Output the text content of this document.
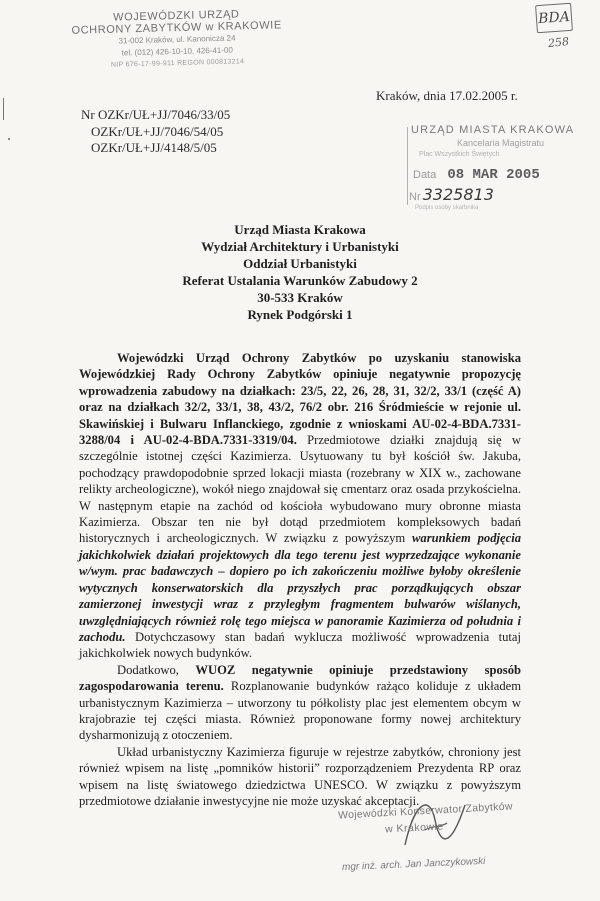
WOJEWÓDZKI URZĄD
OCHRONY ZABYTKÓW w KRAKOWIE
31-002 Kraków, ul. Kanonicza 24
tel. (012) 426-10-10, 426-41-00
NIP 676-17-99-911 REGON 000813214
BDA
258
Kraków, dnia 17.02.2005 r.
Nr OZKr/UŁ+JJ/7046/33/05
OZKr/UŁ+JJ/7046/54/05
OZKr/UŁ+JJ/4148/5/05
URZĄD MIASTA KRAKOWA
Kancelaria Magistratu
Plac Wszystkich Świętych
Data 08 MAR 2005
Nr 3325813
Podpis osoby skarbnika
Urząd Miasta Krakowa
Wydział Architektury i Urbanistyki
Oddział Urbanistyki
Referat Ustalania Warunków Zabudowy 2
30-533 Kraków
Rynek Podgórski 1

Wojewódzki Urząd Ochrony Zabytków po uzyskaniu stanowiska Wojewódzkiej Rady Ochrony Zabytków opiniuje negatywnie propozycję wprowadzenia zabudowy na działkach: 23/5, 22, 26, 28, 31, 32/2, 33/1 (część A) oraz na działkach 32/2, 33/1, 38, 43/2, 76/2 obr. 216 Śródmieście w rejonie ul. Skawińskiej i Bulwaru Inflanckiego, zgodnie z wnioskami AU-02-4-BDA.7331-3288/04 i AU-02-4-BDA.7331-3319/04. Przedmiotowe działki znajdują się w szczególnie istotnej części Kazimierza. Usytuowany tu był kościół św. Jakuba, pochodzący prawdopodobnie sprzed lokacji miasta (rozebrany w XIX w., zachowane relikty archeologiczne), wokół niego znajdował się cmentarz oraz osada przykościelna. W następnym etapie na zachód od kościoła wybudowano mury obronne miasta Kazimierza. Obszar ten nie był dotąd przedmiotem kompleksowych badań historycznych i archeologicznych. W związku z powyższym warunkiem podjęcia jakichkolwiek działań projektowych dla tego terenu jest wyprzedzające wykonanie w/wym. prac badawczych – dopiero po ich zakończeniu możliwe byłoby określenie wytycznych konserwatorskich dla przyszłych prac porządkujących obszar zamierzonej inwestycji wraz z przyległym fragmentem bulwarów wiślanych, uwzględniających również rolę tego miejsca w panoramie Kazimierza od południa i zachodu. Dotychczasowy stan badań wyklucza możliwość wprowadzenia tutaj jakichkolwiek nowych budynków.

Dodatkowo, WUOZ negatywnie opiniuje przedstawiony sposób zagospodarowania terenu. Rozplanowanie budynków rażąco koliduje z układem urbanistycznym Kazimierza – utworzony tu półkolisty plac jest elementem obcym w krajobrazie tej części miasta. Również proponowane formy nowej architektury dysharmonizują z otoczeniem.

Układ urbanistyczny Kazimierza figuruje w rejestrze zabytków, chroniony jest również wpisem na listę „pomników historii” rozporządzeniem Prezydenta RP oraz wpisem na listę światowego dziedzictwa UNESCO. W związku z powyższym przedmiotowe działanie inwestycyjne nie może uzyskać akceptacji.

Wojewódzki Konserwator Zabytków
w Krakowie
mgr inż. arch. Jan Janczykowski
